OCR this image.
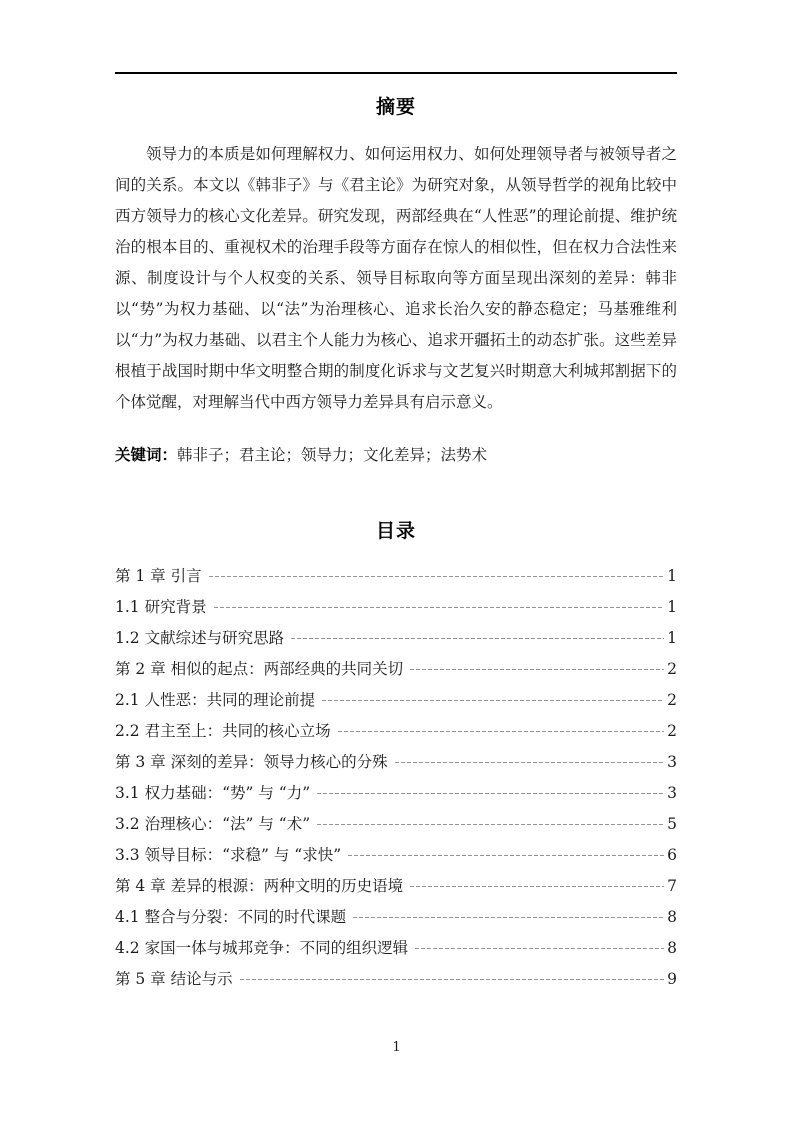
摘要

领导力的本质是如何理解权力、如何运用权力、如何处理领导者与被领导者之间的关系。本文以《韩非子》与《君主论》为研究对象，从领导哲学的视角比较中西方领导力的核心文化差异。研究发现，两部经典在“人性恶”的理论前提、维护统治的根本目的、重视权术的治理手段等方面存在惊人的相似性，但在权力合法性来源、制度设计与个人权变的关系、领导目标取向等方面呈现出深刻的差异：韩非以“势”为权力基础、以“法”为治理核心、追求长治久安的静态稳定；马基雅维利以“力”为权力基础、以君主个人能力为核心、追求开疆拓土的动态扩张。这些差异根植于战国时期中华文明整合期的制度化诉求与文艺复兴时期意大利城邦割据下的个体觉醒，对理解当代中西方领导力差异具有启示意义。

关键词：韩非子；君主论；领导力；文化差异；法势术
目录
第 1 章 引言	1
1.1 研究背景	1
1.2 文献综述与研究思路	1
第 2 章 相似的起点：两部经典的共同关切	2
2.1 人性恶：共同的理论前提	2
2.2 君主至上：共同的核心立场	2
第 3 章 深刻的差异：领导力核心的分殊	3
3.1 权力基础：“势” 与 “力”	3
3.2 治理核心：“法” 与 “术”	5
3.3 领导目标：“求稳” 与 “求快”	6
第 4 章 差异的根源：两种文明的历史语境	7
4.1 整合与分裂：不同的时代课题	8
4.2 家国一体与城邦竞争：不同的组织逻辑	8
第 5 章 结论与示	9
1
